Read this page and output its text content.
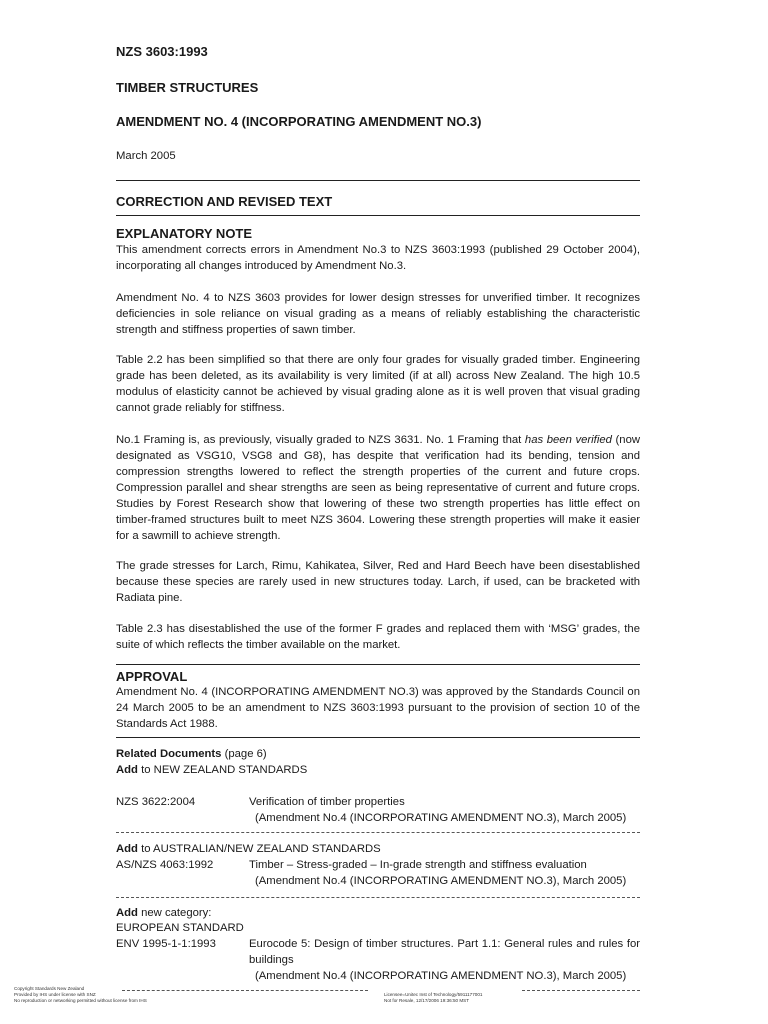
NZS 3603:1993

TIMBER STRUCTURES

AMENDMENT NO. 4 (INCORPORATING AMENDMENT NO.3)

March 2005

CORRECTION AND REVISED TEXT

EXPLANATORY NOTE

This amendment corrects errors in Amendment No.3 to NZS 3603:1993 (published 29 October 2004), incorporating all changes introduced by Amendment No.3.

Amendment No. 4 to NZS 3603 provides for lower design stresses for unverified timber. It recognizes deficiencies in sole reliance on visual grading as a means of reliably establishing the characteristic strength and stiffness properties of sawn timber.

Table 2.2 has been simplified so that there are only four grades for visually graded timber. Engineering grade has been deleted, as its availability is very limited (if at all) across New Zealand. The high 10.5 modulus of elasticity cannot be achieved by visual grading alone as it is well proven that visual grading cannot grade reliably for stiffness.

No.1 Framing is, as previously, visually graded to NZS 3631. No. 1 Framing that has been verified (now designated as VSG10, VSG8 and G8), has despite that verification had its bending, tension and compression strengths lowered to reflect the strength properties of the current and future crops. Compression parallel and shear strengths are seen as being representative of current and future crops. Studies by Forest Research show that lowering of these two strength properties has little effect on timber-framed structures built to meet NZS 3604. Lowering these strength properties will make it easier for a sawmill to achieve strength.

The grade stresses for Larch, Rimu, Kahikatea, Silver, Red and Hard Beech have been disestablished because these species are rarely used in new structures today. Larch, if used, can be bracketed with Radiata pine.

Table 2.3 has disestablished the use of the former F grades and replaced them with ‘MSG’ grades, the suite of which reflects the timber available on the market.

APPROVAL

Amendment No. 4 (INCORPORATING AMENDMENT NO.3) was approved by the Standards Council on 24 March 2005 to be an amendment to NZS 3603:1993 pursuant to the provision of section 10 of the Standards Act 1988.

Related Documents (page 6)

Add to NEW ZEALAND STANDARDS

NZS 3622:2004	Verification of timber properties
(Amendment No.4 (INCORPORATING AMENDMENT NO.3), March 2005)

Add to AUSTRALIAN/NEW ZEALAND STANDARDS

AS/NZS 4063:1992	Timber – Stress-graded – In-grade strength and stiffness evaluation
(Amendment No.4 (INCORPORATING AMENDMENT NO.3), March 2005)

Add new category:

EUROPEAN STANDARD

ENV 1995-1-1:1993	Eurocode 5: Design of timber structures. Part 1.1: General rules and rules for buildings
(Amendment No.4 (INCORPORATING AMENDMENT NO.3), March 2005)
Copyright Standards New Zealand
Provided by IHS under license with SNZ
No reproduction or networking permitted without license from IHS
Licensee=Unitec Inst of Technology/5911177001
Not for Resale, 12/17/2006 19:36:50 MST
